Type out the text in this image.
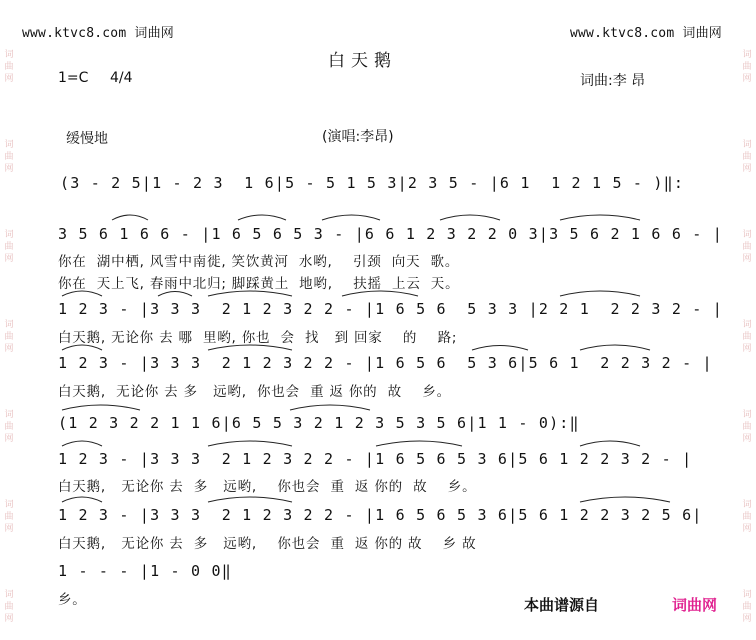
词
曲
网
词
曲
网
词
曲
网
词
曲
网
词
曲
网
词
曲
网
词
曲
网
词
曲
网
词
曲
网
词
曲
网
词
曲
网
词
曲
网
词
曲
网
词
曲
网
www.ktvc8.com 词曲网	www.ktvc8.com 词曲网
白天鹅
1=C 4/4	词曲:李 昂
缓慢地	(演唱:李昂)
(3 - 2 5|1 - 2 3  1 6|5 - 5 1 5 3|2 3 5 - |6 1  1 2 1 5 - )‖:
3 5 6 1 6 6 - |1 6 5 6 5 3 - |6 6 1 2 3 2 2 0 3|3 5 6 2 1 6 6 - |
你在  湖中栖, 风雪中南徙, 笑饮黄河  水哟,    引颈  向天  歌。
你在  天上飞, 春雨中北归; 脚踩黄土  地哟,    扶摇  上云  天。
1 2 3 - |3 3 3  2 1 2 3 2 2 - |1 6 5 6  5 3 3 |2 2 1  2 2 3 2 - |
白天鹅, 无论你 去 哪  里哟, 你也  会  找   到 回家    的    路;
1 2 3 - |3 3 3  2 1 2 3 2 2 - |1 6 5 6  5 3 6|5 6 1  2 2 3 2 - |
白天鹅,  无论你 去 多   远哟,  你也会  重 返 你的  故    乡。
(1 2 3 2 2 1 1 6|6 5 5 3 2 1 2 3 5 3 5 6|1 1 - 0):‖
1 2 3 - |3 3 3  2 1 2 3 2 2 - |1 6 5 6 5 3 6|5 6 1 2 2 3 2 - |
白天鹅,   无论你 去  多   远哟,    你也会  重  返 你的  故    乡。
1 2 3 - |3 3 3  2 1 2 3 2 2 - |1 6 5 6 5 3 6|5 6 1 2 2 3 2 5 6|
白天鹅,   无论你 去  多   远哟,    你也会  重  返 你的 故    乡 故
1 - - - |1 - 0 0‖
乡。	本曲谱源自	词曲网
